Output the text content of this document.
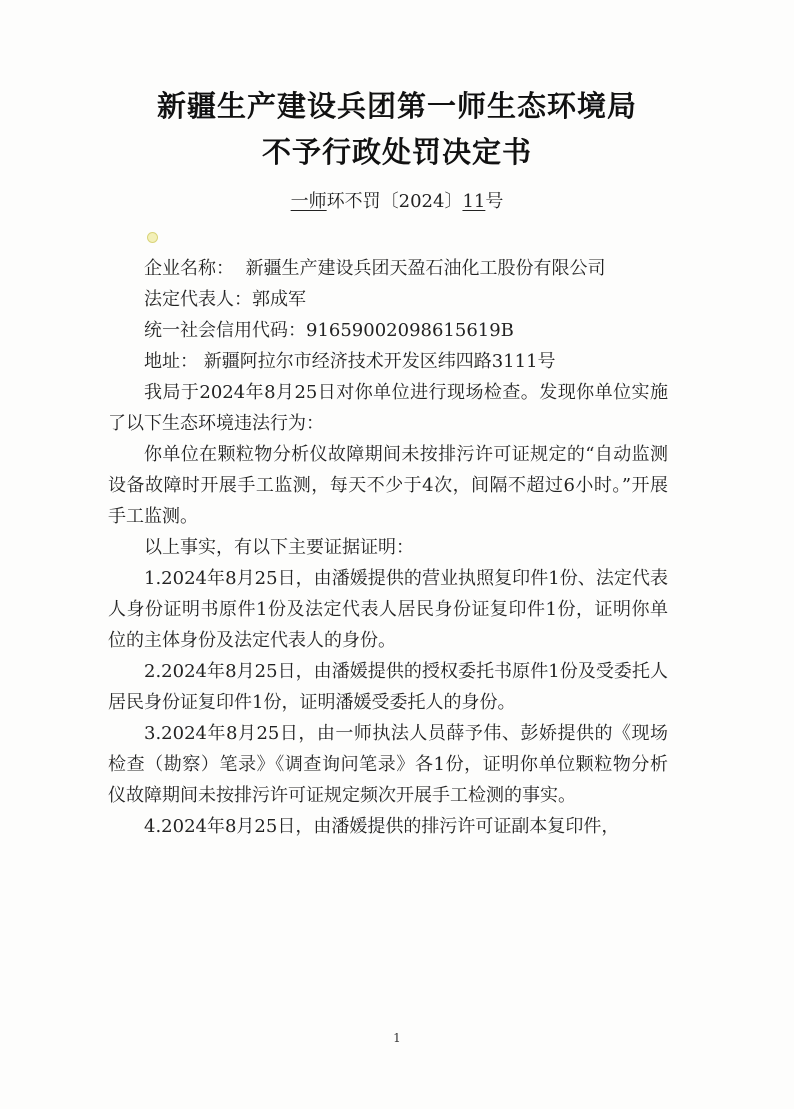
新疆生产建设兵团第一师生态环境局
不予行政处罚决定书
一师环不罚〔2024〕11号

企业名称： 新疆生产建设兵团天盈石油化工股份有限公司

法定代表人：郭成军

统一社会信用代码：91659002098615619B

地址： 新疆阿拉尔市经济技术开发区纬四路3111号

我局于2024年8月25日对你单位进行现场检查。发现你单位实施了以下生态环境违法行为：

你单位在颗粒物分析仪故障期间未按排污许可证规定的“自动监测设备故障时开展手工监测，每天不少于4次，间隔不超过6小时。”开展手工监测。

以上事实，有以下主要证据证明：

1.2024年8月25日，由潘媛提供的营业执照复印件1份、法定代表人身份证明书原件1份及法定代表人居民身份证复印件1份，证明你单位的主体身份及法定代表人的身份。

2.2024年8月25日，由潘媛提供的授权委托书原件1份及受委托人居民身份证复印件1份，证明潘媛受委托人的身份。

3.2024年8月25日，由一师执法人员薛予伟、彭娇提供的《现场检查（勘察）笔录》《调查询问笔录》各1份，证明你单位颗粒物分析仪故障期间未按排污许可证规定频次开展手工检测的事实。

4.2024年8月25日，由潘媛提供的排污许可证副本复印件，

1
